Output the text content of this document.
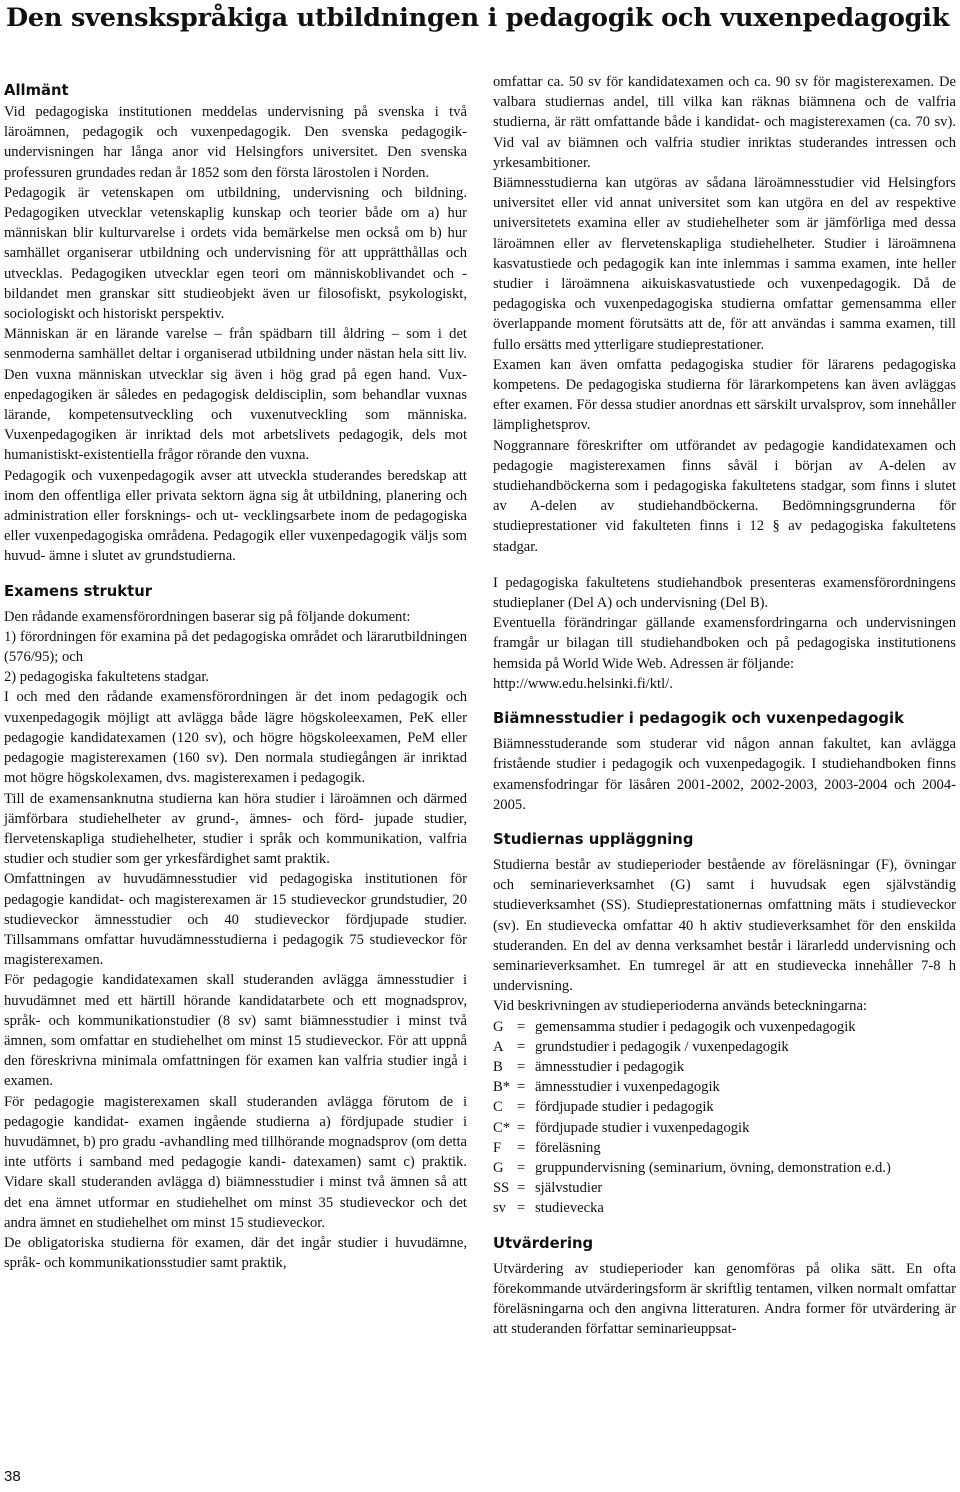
Den svenskspråkiga utbildningen i pedagogik och vuxenpedagogik
Allmänt

Vid pedagogiska institutionen meddelas undervisning på svenska i två läroämnen, pedagogik och vuxenpedagogik. Den svenska pedagogik- undervisningen har långa anor vid Helsingfors universitet. Den svenska professuren grundades redan år 1852 som den första lärostolen i Norden.

Pedagogik är vetenskapen om utbildning, undervisning och bildning. Pedagogiken utvecklar vetenskaplig kunskap och teorier både om a) hur människan blir kulturvarelse i ordets vida bemärkelse men också om b) hur samhället organiserar utbildning och undervisning för att upprätthållas och utvecklas. Pedagogiken utvecklar egen teori om människoblivandet och -bildandet men granskar sitt studieobjekt även ur filosofiskt, psykologiskt, sociologiskt och historiskt perspektiv.

Människan är en lärande varelse – från spädbarn till åldring – som i det senmoderna samhället deltar i organiserad utbildning under nästan hela sitt liv. Den vuxna människan utvecklar sig även i hög grad på egen hand. Vux- enpedagogiken är således en pedagogisk deldisciplin, som behandlar vuxnas lärande, kompetensutveckling och vuxenutveckling som människa. Vuxenpedagogiken är inriktad dels mot arbetslivets pedagogik, dels mot humanistiskt-existentiella frågor rörande den vuxna.

Pedagogik och vuxenpedagogik avser att utveckla studerandes beredskap att inom den offentliga eller privata sektorn ägna sig åt utbildning, planering och administration eller forsknings- och ut- vecklingsarbete inom de pedagogiska eller vuxenpedagogiska områdena. Pedagogik eller vuxenpedagogik väljs som huvud- ämne i slutet av grundstudierna.

Examens struktur

Den rådande examensförordningen baserar sig på följande dokument:

1) förordningen för examina på det pedagogiska området och lärarutbildningen (576/95); och

2) pedagogiska fakultetens stadgar.

I och med den rådande examensförordningen är det inom pedagogik och vuxenpedagogik möjligt att avlägga både lägre högskoleexamen, PeK eller pedagogie kandidatexamen (120 sv), och högre högskoleexamen, PeM eller pedagogie magisterexamen (160 sv). Den normala studiegången är inriktad mot högre högskolexamen, dvs. magisterexamen i pedagogik.

Till de examensanknutna studierna kan höra studier i läroämnen och därmed jämförbara studiehelheter av grund-, ämnes- och förd- jupade studier, flervetenskapliga studiehelheter, studier i språk och kommunikation, valfria studier och studier som ger yrkesfärdighet samt praktik.

Omfattningen av huvudämnesstudier vid pedagogiska institutionen för pedagogie kandidat- och magisterexamen är 15 studieveckor grundstudier, 20 studieveckor ämnesstudier och 40 studieveckor fördjupade studier. Tillsammans omfattar huvudämnesstudierna i pedagogik 75 studieveckor för magisterexamen.

För pedagogie kandidatexamen skall studeranden avlägga ämnesstudier i huvudämnet med ett härtill hörande kandidatarbete och ett mognadsprov, språk- och kommunikationstudier (8 sv) samt biämnesstudier i minst två ämnen, som omfattar en studiehelhet om minst 15 studieveckor. För att uppnå den föreskrivna minimala omfattningen för examen kan valfria studier ingå i examen.

För pedagogie magisterexamen skall studeranden avlägga förutom de i pedagogie kandidat- examen ingående studierna a) fördjupade studier i huvudämnet, b) pro gradu -avhandling med tillhörande mognadsprov (om detta inte utförts i samband med pedagogie kandi- datexamen) samt c) praktik. Vidare skall studeranden avlägga d) biämnesstudier i minst två ämnen så att det ena ämnet utformar en studiehelhet om minst 35 studieveckor och det andra ämnet en studiehelhet om minst 15 studieveckor.

De obligatoriska studierna för examen, där det ingår studier i huvudämne, språk- och kommunikationsstudier samt praktik,

omfattar ca. 50 sv för kandidatexamen och ca. 90 sv för magisterexamen. De valbara studiernas andel, till vilka kan räknas biämnena och de valfria studierna, är rätt omfattande både i kandidat- och magisterexamen (ca. 70 sv). Vid val av biämnen och valfria studier inriktas studerandes intressen och yrkesambitioner.

Biämnesstudierna kan utgöras av sådana läroämnesstudier vid Helsingfors universitet eller vid annat universitet som kan utgöra en del av respektive universitetets examina eller av studiehelheter som är jämförliga med dessa läroämnen eller av flervetenskapliga studiehelheter. Studier i läroämnena kasvatustiede och pedagogik kan inte inlemmas i samma examen, inte heller studier i läroämnena aikuiskasvatustiede och vuxenpedagogik. Då de pedagogiska och vuxenpedagogiska studierna omfattar gemensamma eller överlappande moment förutsätts att de, för att användas i samma examen, till fullo ersätts med ytterligare studieprestationer.

Examen kan även omfatta pedagogiska studier för lärarens pedagogiska kompetens. De pedagogiska studierna för lärarkompetens kan även avläggas efter examen. För dessa studier anordnas ett särskilt urvalsprov, som innehåller lämplighetsprov.

Noggrannare föreskrifter om utförandet av pedagogie kandidatexamen och pedagogie magisterexamen finns såväl i början av A-delen av studiehandböckerna som i pedagogiska fakultetens stadgar, som finns i slutet av A-delen av studiehandböckerna. Bedömningsgrunderna för studieprestationer vid fakulteten finns i 12 § av pedagogiska fakultetens stadgar.

I pedagogiska fakultetens studiehandbok presenteras examensförordningens studieplaner (Del A) och undervisning (Del B).

Eventuella förändringar gällande examensfordringarna och undervisningen framgår ur bilagan till studiehandboken och på pedagogiska institutionens hemsida på World Wide Web. Adressen är följande:

http://www.edu.helsinki.fi/ktl/.

Biämnesstudier i pedagogik och vuxenpedagogik

Biämnesstuderande som studerar vid någon annan fakultet, kan avlägga fristående studier i pedagogik och vuxenpedagogik. I studiehandboken finns examensfodringar för läsåren 2001-2002, 2002-2003, 2003-2004 och 2004-2005.

Studiernas uppläggning

Studierna består av studieperioder bestående av föreläsningar (F), övningar och seminarieverksamhet (G) samt i huvudsak egen självständig studieverksamhet (SS). Studieprestationernas omfattning mäts i studieveckor (sv). En studievecka omfattar 40 h aktiv studieverksamhet för den enskilda studeranden. En del av denna verksamhet består i lärarledd undervisning och seminarieverksamhet. En tumregel är att en studievecka innehåller 7-8 h undervisning.

Vid beskrivningen av studieperioderna används beteckningarna:

G = gemensamma studier i pedagogik och vuxenpedagogik
A = grundstudier i pedagogik / vuxenpedagogik
B = ämnesstudier i pedagogik
B* = ämnesstudier i vuxenpedagogik
C = fördjupade studier i pedagogik
C* = fördjupade studier i vuxenpedagogik
F	= föreläsning
G = gruppundervisning (seminarium, övning, demonstration e.d.)
SS = självstudier
sv = studievecka
Utvärdering

Utvärdering av studieperioder kan genomföras på olika sätt. En ofta förekommande utvärderingsform är skriftlig tentamen, vilken normalt omfattar föreläsningarna och den angivna litteraturen. Andra former för utvärdering är att studeranden författar seminarieuppsat-

38
